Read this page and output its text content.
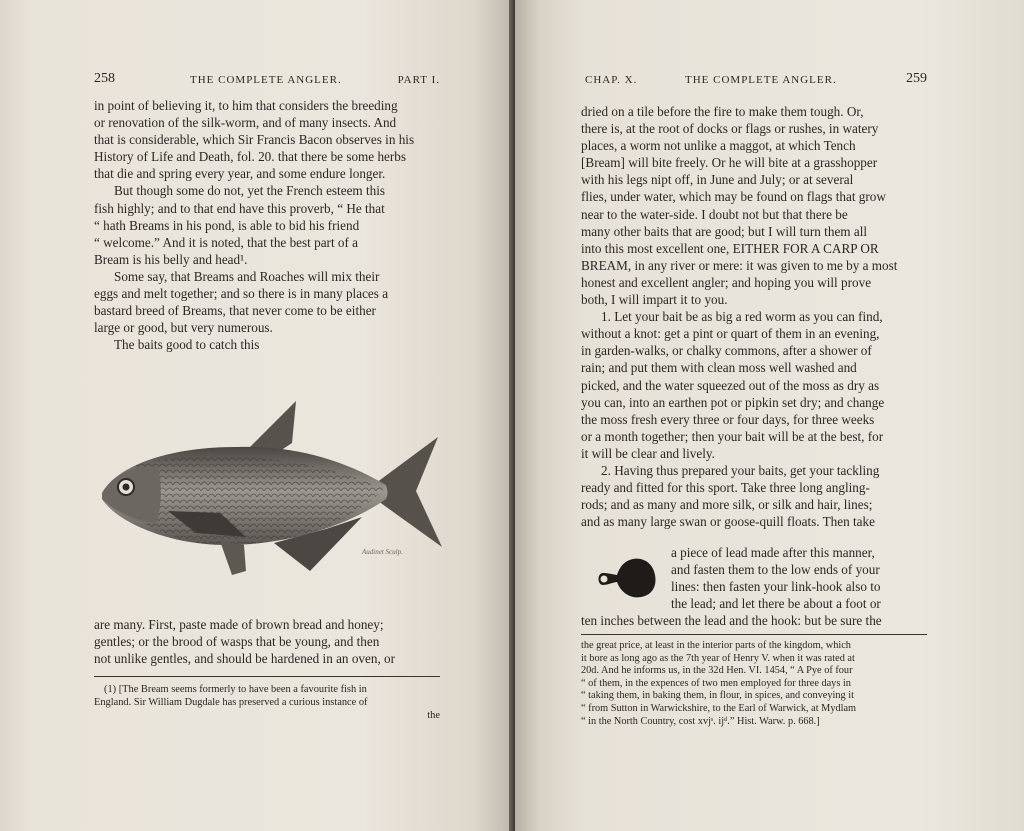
258	THE COMPLETE ANGLER.	PART I.

in point of believing it, to him that considers the breeding

or renovation of the silk-worm, and of many insects. And

that is considerable, which Sir Francis Bacon observes in his

History of Life and Death, fol. 20. that there be some herbs

that die and spring every year, and some endure longer.

But though some do not, yet the French esteem this

fish highly; and to that end have this proverb, “ He that

“ hath Breams in his pond, is able to bid his friend

“ welcome.” And it is noted, that the best part of a

Bream is his belly and head¹.

Some say, that Breams and Roaches will mix their

eggs and melt together; and so there is in many places a

bastard breed of Breams, that never come to be either

large or good, but very numerous.

The baits good to catch this

Audinet Sculp.

are many. First, paste made of brown bread and honey;

gentles; or the brood of wasps that be young, and then

not unlike gentles, and should be hardened in an oven, or

(1) [The Bream seems formerly to have been a favourite fish in

England. Sir William Dugdale has preserved a curious instance of

the

CHAP. X.	THE COMPLETE ANGLER.	259

dried on a tile before the fire to make them tough. Or,

there is, at the root of docks or flags or rushes, in watery

places, a worm not unlike a maggot, at which Tench

[Bream] will bite freely. Or he will bite at a grasshopper

with his legs nipt off, in June and July; or at several

flies, under water, which may be found on flags that grow

near to the water-side. I doubt not but that there be

many other baits that are good; but I will turn them all

into this most excellent one, EITHER FOR A CARP OR

BREAM, in any river or mere: it was given to me by a most

honest and excellent angler; and hoping you will prove

both, I will impart it to you.

1. Let your bait be as big a red worm as you can find,

without a knot: get a pint or quart of them in an evening,

in garden-walks, or chalky commons, after a shower of

rain; and put them with clean moss well washed and

picked, and the water squeezed out of the moss as dry as

you can, into an earthen pot or pipkin set dry; and change

the moss fresh every three or four days, for three weeks

or a month together; then your bait will be at the best, for

it will be clear and lively.

2. Having thus prepared your baits, get your tackling

ready and fitted for this sport. Take three long angling-

rods; and as many and more silk, or silk and hair, lines;

and as many large swan or goose-quill floats. Then take

a piece of lead made after this manner,

and fasten them to the low ends of your

lines: then fasten your link-hook also to

the lead; and let there be about a foot or

ten inches between the lead and the hook: but be sure the

the great price, at least in the interior parts of the kingdom, which

it bore as long ago as the 7th year of Henry V. when it was rated at

20d. And he informs us, in the 32d Hen. VI. 1454, “ A Pye of four

“ of them, in the expences of two men employed for three days in

“ taking them, in baking them, in flour, in spices, and conveying it

“ from Sutton in Warwickshire, to the Earl of Warwick, at Mydlam

“ in the North Country, cost xvjˢ. ijᵈ.” Hist. Warw. p. 668.]
